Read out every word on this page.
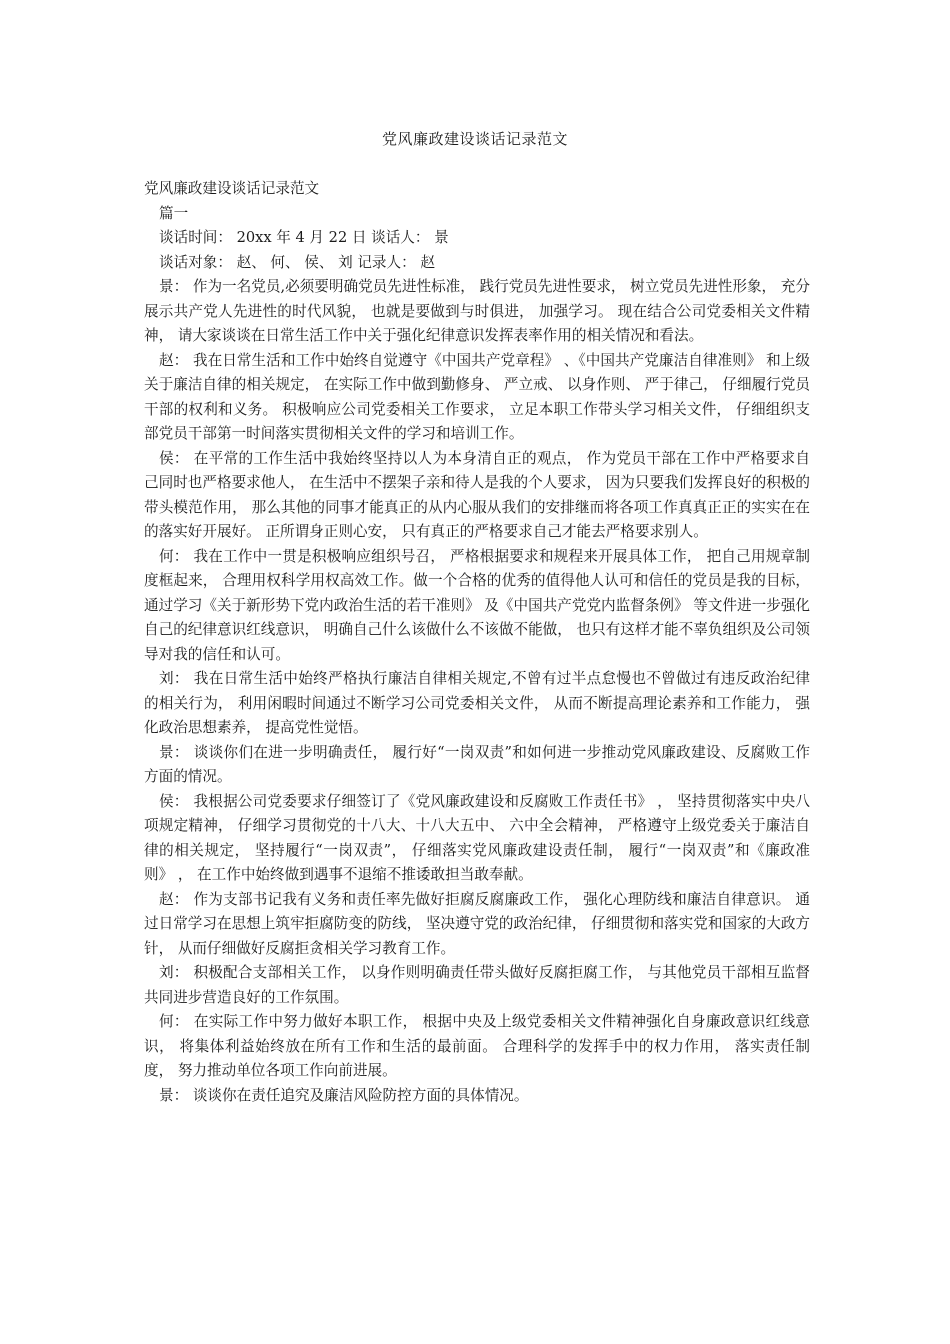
党风廉政建设谈话记录范文

党风廉政建设谈话记录范文

篇一

谈话时间： 20xx 年 4 月 22 日 谈话人： 景

谈话对象： 赵、 何、 侯、 刘 记录人： 赵

景： 作为一名党员,必须要明确党员先进性标准， 践行党员先进性要求， 树立党员先进性形象， 充分展示共产党人先进性的时代风貌， 也就是要做到与时俱进， 加强学习。 现在结合公司党委相关文件精神， 请大家谈谈在日常生活工作中关于强化纪律意识发挥表率作用的相关情况和看法。

赵： 我在日常生活和工作中始终自觉遵守《中国共产党章程》 、《中国共产党廉洁自律准则》 和上级关于廉洁自律的相关规定， 在实际工作中做到勤修身、 严立戒、 以身作则、 严于律己， 仔细履行党员干部的权利和义务。 积极响应公司党委相关工作要求， 立足本职工作带头学习相关文件， 仔细组织支部党员干部第一时间落实贯彻相关文件的学习和培训工作。

侯： 在平常的工作生活中我始终坚持以人为本身清自正的观点， 作为党员干部在工作中严格要求自己同时也严格要求他人， 在生活中不摆架子亲和待人是我的个人要求， 因为只要我们发挥良好的积极的带头模范作用， 那么其他的同事才能真正的从内心服从我们的安排继而将各项工作真真正正的实实在在的落实好开展好。 正所谓身正则心安， 只有真正的严格要求自己才能去严格要求别人。

何： 我在工作中一贯是积极响应组织号召， 严格根据要求和规程来开展具体工作， 把自己用规章制度框起来， 合理用权科学用权高效工作。做一个合格的优秀的值得他人认可和信任的党员是我的目标， 通过学习《关于新形势下党内政治生活的若干准则》 及《中国共产党党内监督条例》 等文件进一步强化自己的纪律意识红线意识， 明确自己什么该做什么不该做不能做， 也只有这样才能不辜负组织及公司领导对我的信任和认可。

刘： 我在日常生活中始终严格执行廉洁自律相关规定,不曾有过半点怠慢也不曾做过有违反政治纪律的相关行为， 利用闲暇时间通过不断学习公司党委相关文件， 从而不断提高理论素养和工作能力， 强化政治思想素养， 提高党性觉悟。

景： 谈谈你们在进一步明确责任， 履行好“一岗双责”和如何进一步推动党风廉政建设、反腐败工作方面的情况。

侯： 我根据公司党委要求仔细签订了《党风廉政建设和反腐败工作责任书》 ， 坚持贯彻落实中央八项规定精神， 仔细学习贯彻党的十八大、十八大五中、 六中全会精神， 严格遵守上级党委关于廉洁自律的相关规定， 坚持履行“一岗双责”， 仔细落实党风廉政建设责任制， 履行“一岗双责”和《廉政准则》 ， 在工作中始终做到遇事不退缩不推诿敢担当敢奉献。

赵： 作为支部书记我有义务和责任率先做好拒腐反腐廉政工作， 强化心理防线和廉洁自律意识。 通过日常学习在思想上筑牢拒腐防变的防线， 坚决遵守党的政治纪律， 仔细贯彻和落实党和国家的大政方针， 从而仔细做好反腐拒贪相关学习教育工作。

刘： 积极配合支部相关工作， 以身作则明确责任带头做好反腐拒腐工作， 与其他党员干部相互监督共同进步营造良好的工作氛围。

何： 在实际工作中努力做好本职工作， 根据中央及上级党委相关文件精神强化自身廉政意识红线意识， 将集体利益始终放在所有工作和生活的最前面。 合理科学的发挥手中的权力作用， 落实责任制度， 努力推动单位各项工作向前进展。

景： 谈谈你在责任追究及廉洁风险防控方面的具体情况。
